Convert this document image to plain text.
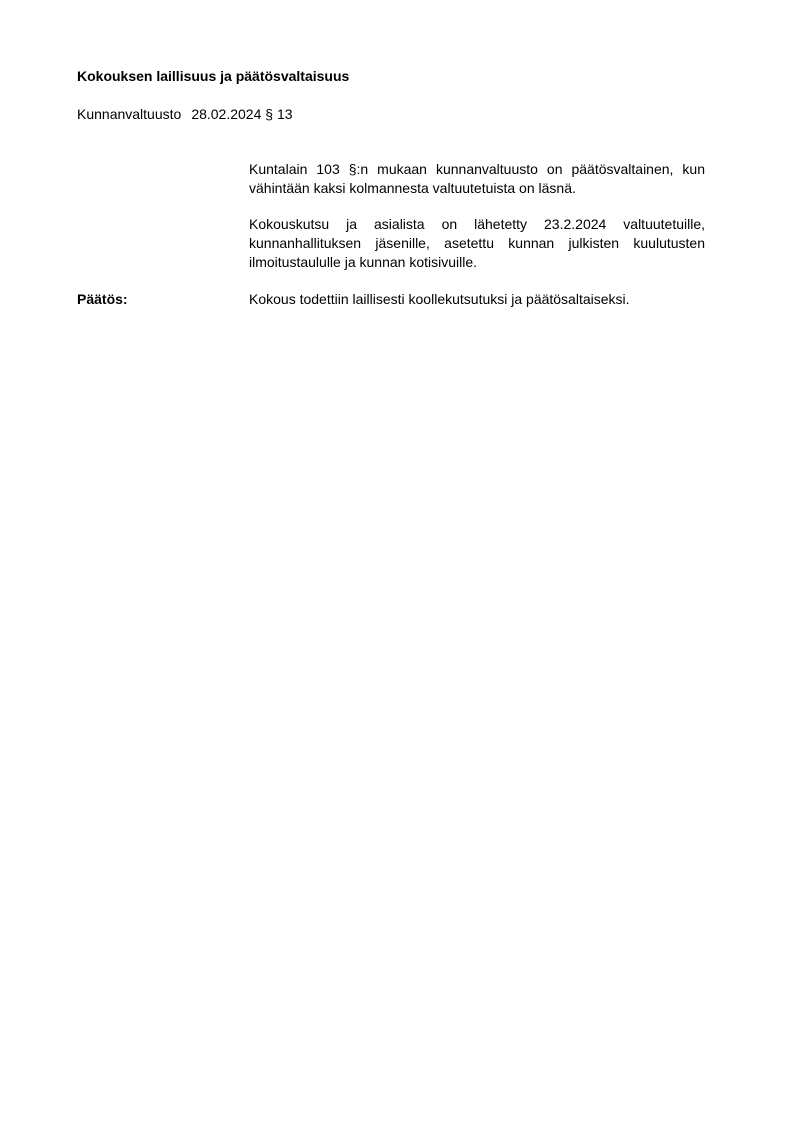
Kokouksen laillisuus ja päätösvaltaisuus
Kunnanvaltuusto 28.02.2024 § 13
Kuntalain 103 §:n mukaan kunnanvaltuusto on päätösvaltainen, kun vähintään kaksi kolmannesta valtuutetuista on läsnä.
Kokouskutsu ja asialista on lähetetty 23.2.2024 valtuutetuille, kunnanhallituksen jäsenille, asetettu kunnan julkisten kuulutusten ilmoitustaululle ja kunnan kotisivuille.
Päätös:	Kokous todettiin laillisesti koollekutsutuksi ja päätösaltaiseksi.
